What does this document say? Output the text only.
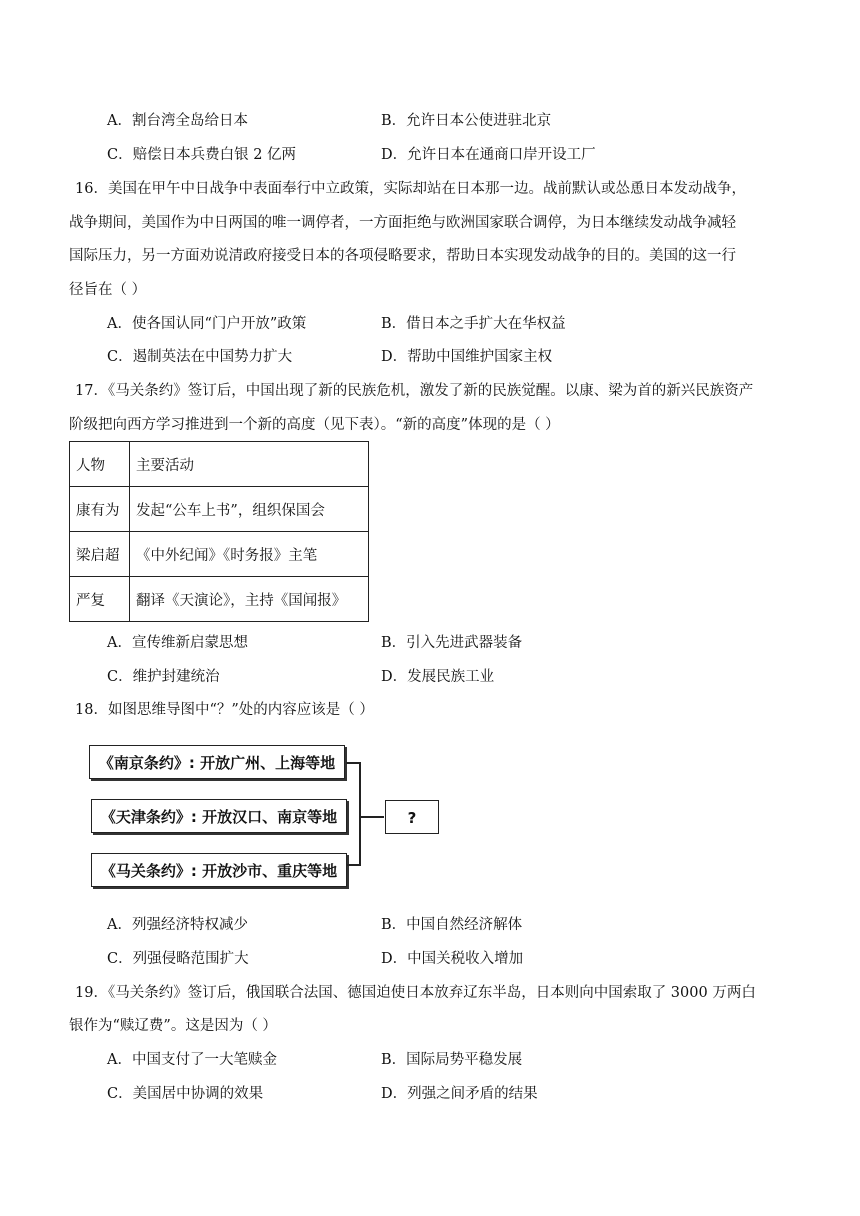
A．割台湾全岛给日本	B．允许日本公使进驻北京
C．赔偿日本兵费白银 2 亿两	D．允许日本在通商口岸开设工厂
16．美国在甲午中日战争中表面奉行中立政策，实际却站在日本那一边。战前默认或怂恿日本发动战争，
战争期间，美国作为中日两国的唯一调停者，一方面拒绝与欧洲国家联合调停，为日本继续发动战争减轻
国际压力，另一方面劝说清政府接受日本的各项侵略要求，帮助日本实现发动战争的目的。美国的这一行
径旨在（ ）
A．使各国认同“门户开放”政策	B．借日本之手扩大在华权益
C．遏制英法在中国势力扩大	D．帮助中国维护国家主权
17．《马关条约》签订后，中国出现了新的民族危机，激发了新的民族觉醒。以康、梁为首的新兴民族资产
阶级把向西方学习推进到一个新的高度（见下表）。“新的高度”体现的是（ ）
人物	主要活动
康有为	发起“公车上书”，组织保国会
梁启超	《中外纪闻》《时务报》主笔
严复	翻译《天演论》，主持《国闻报》
A．宣传维新启蒙思想	B．引入先进武器装备
C．维护封建统治	D．发展民族工业
18．如图思维导图中“？”处的内容应该是（ ）
《南京条约》: 开放广州、上海等地
《天津条约》: 开放汉口、南京等地
《马关条约》: 开放沙市、重庆等地
?
A．列强经济特权减少	B．中国自然经济解体
C．列强侵略范围扩大	D．中国关税收入增加
19．《马关条约》签订后，俄国联合法国、德国迫使日本放弃辽东半岛，日本则向中国索取了 3000 万两白
银作为“赎辽费”。这是因为（ ）
A．中国支付了一大笔赎金	B．国际局势平稳发展
C．美国居中协调的效果	D．列强之间矛盾的结果
